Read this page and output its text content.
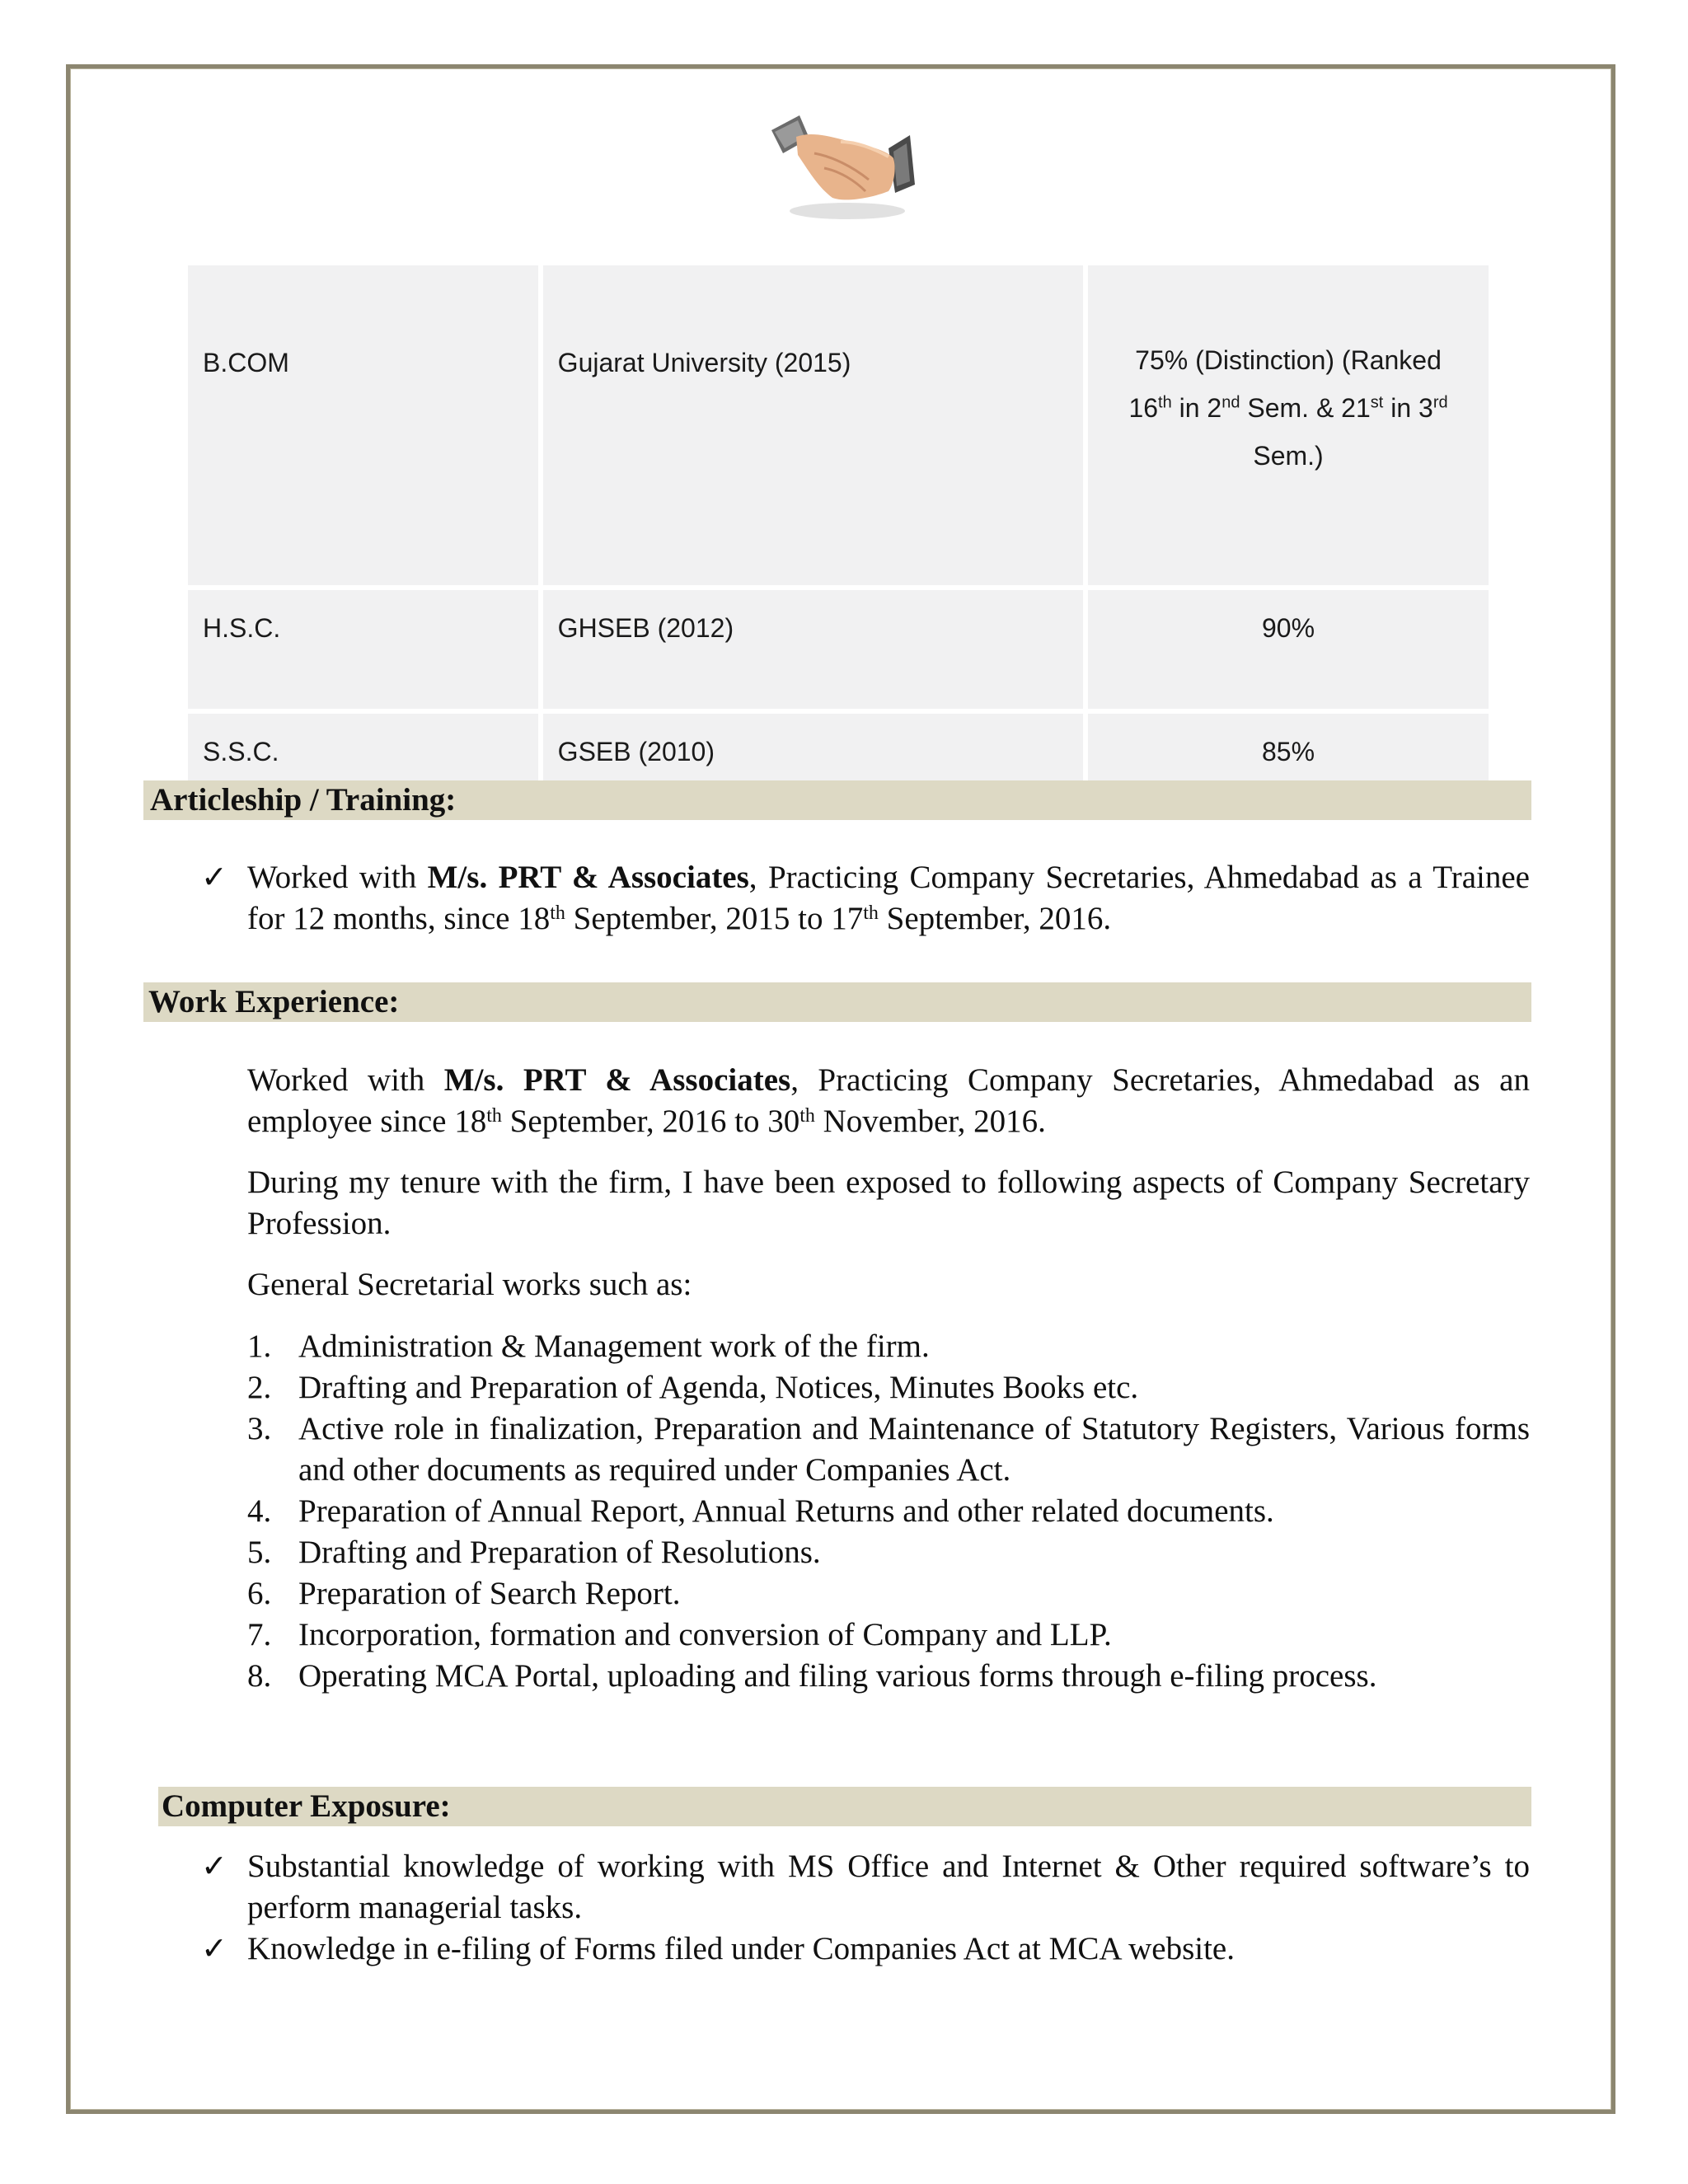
B.COM	Gujarat University (2015)	75% (Distinction) (Ranked
16th in 2nd Sem. & 21st in 3rd
Sem.)
H.S.C.	GHSEB (2012)	90%
S.S.C.	GSEB (2010)	85%
Articleship / Training:
✓ Worked with M/s. PRT & Associates, Practicing Company Secretaries, Ahmedabad as a Trainee for 12 months, since 18th September, 2015 to 17th September, 2016.
Work Experience:
Worked with M/s. PRT & Associates, Practicing Company Secretaries, Ahmedabad as an employee since 18th September, 2016 to 30th November, 2016.
During my tenure with the firm, I have been exposed to following aspects of Company Secretary Profession.
General Secretarial works such as:
1. Administration & Management work of the firm.
2. Drafting and Preparation of Agenda, Notices, Minutes Books etc.
3. Active role in finalization, Preparation and Maintenance of Statutory Registers, Various forms and other documents as required under Companies Act.
4. Preparation of Annual Report, Annual Returns and other related documents.
5. Drafting and Preparation of Resolutions.
6. Preparation of Search Report.
7. Incorporation, formation and conversion of Company and LLP.
8. Operating MCA Portal, uploading and filing various forms through e-filing process.
Computer Exposure:
✓ Substantial knowledge of working with MS Office and Internet & Other required software’s to perform managerial tasks.
✓ Knowledge in e-filing of Forms filed under Companies Act at MCA website.
